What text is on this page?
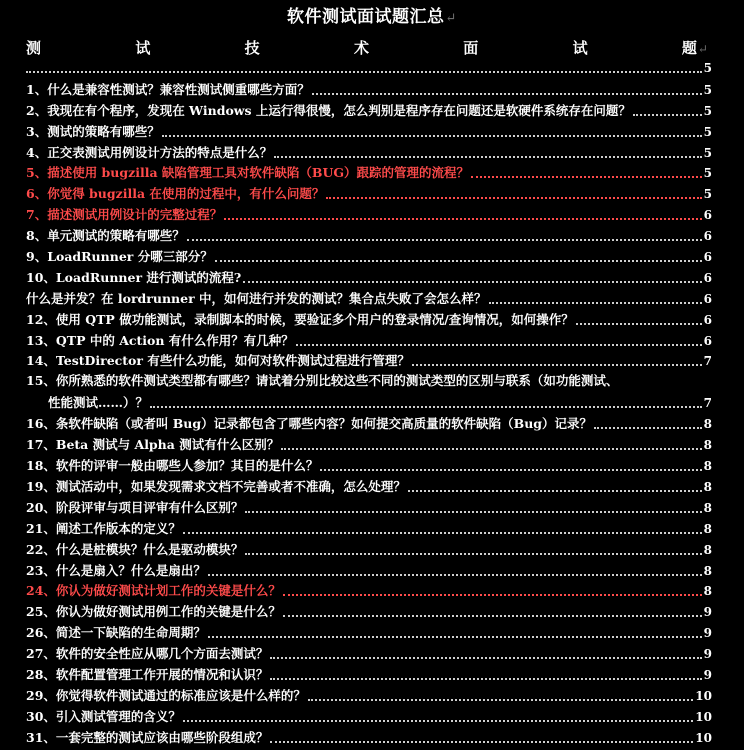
软件测试面试题汇总↵
测	试	技	术	面	试	题↵
5
1、什么是兼容性测试？兼容性测试侧重哪些方面？	5
2、我现在有个程序，发现在 Windows 上运行得很慢，怎么判别是程序存在问题还是软硬件系统存在问题？	5
3、测试的策略有哪些？	5
4、正交表测试用例设计方法的特点是什么？	5
5、描述使用 bugzilla 缺陷管理工具对软件缺陷（BUG）跟踪的管理的流程？	5
6、你觉得 bugzilla 在使用的过程中，有什么问题？	5
7、描述测试用例设计的完整过程？	6
8、单元测试的策略有哪些？	6
9、LoadRunner 分哪三部分？	6
10、LoadRunner 进行测试的流程?	6
什么是并发？在 lordrunner 中，如何进行并发的测试？集合点失败了会怎么样？	6
12、使用 QTP 做功能测试，录制脚本的时候，要验证多个用户的登录情况/查询情况，如何操作？	6
13、QTP 中的 Action 有什么作用？有几种？	6
14、TestDirector 有些什么功能，如何对软件测试过程进行管理？	7
15、你所熟悉的软件测试类型都有哪些？请试着分别比较这些不同的测试类型的区别与联系（如功能测试、
性能测试……）？	7
16、条软件缺陷（或者叫 Bug）记录都包含了哪些内容？如何提交高质量的软件缺陷（Bug）记录？	8
17、Beta 测试与 Alpha 测试有什么区别？	8
18、软件的评审一般由哪些人参加？其目的是什么？	8
19、测试活动中，如果发现需求文档不完善或者不准确，怎么处理？	8
20、阶段评审与项目评审有什么区别？	8
21、阐述工作版本的定义？	8
22、什么是桩模块？什么是驱动模块？	8
23、什么是扇入？什么是扇出？	8
24、你认为做好测试计划工作的关键是什么？	8
25、你认为做好测试用例工作的关键是什么？	9
26、简述一下缺陷的生命周期？	9
27、软件的安全性应从哪几个方面去测试？	9
28、软件配置管理工作开展的情况和认识？	9
29、你觉得软件测试通过的标准应该是什么样的？	10
30、引入测试管理的含义？	10
31、一套完整的测试应该由哪些阶段组成？	10
